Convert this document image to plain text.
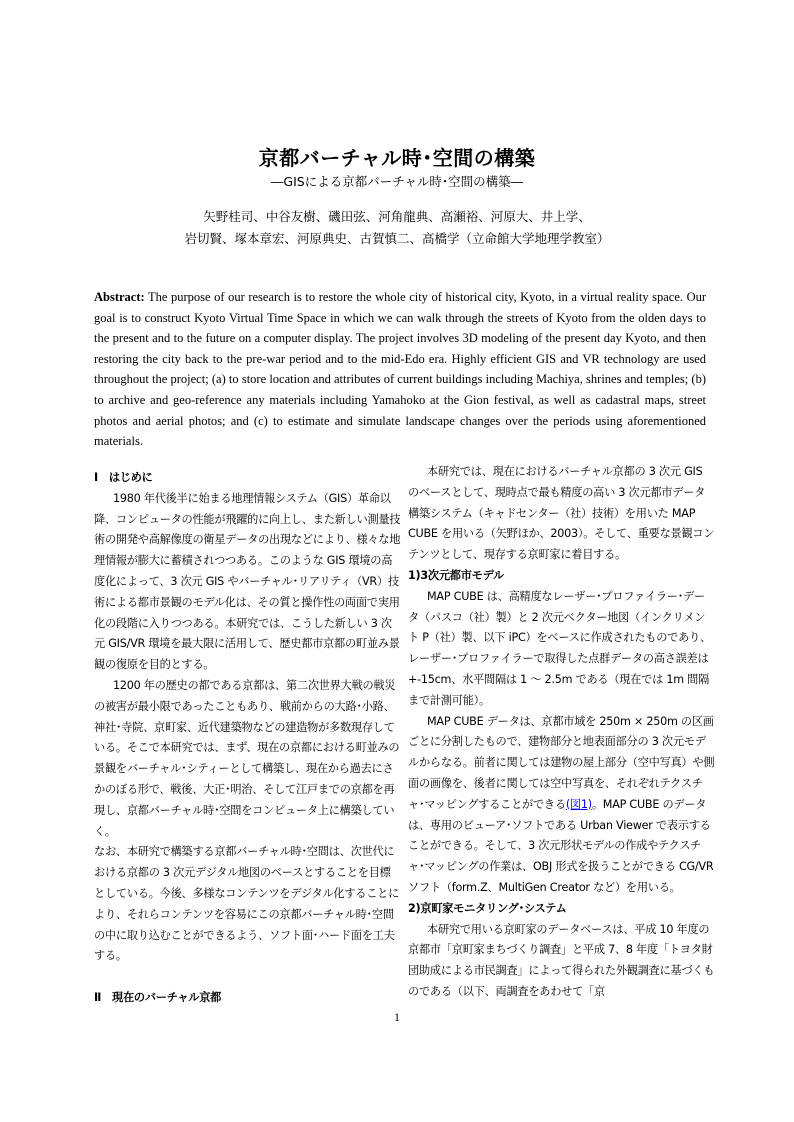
京都バーチャル時･空間の構築
―GISによる京都バーチャル時･空間の構築―
矢野桂司、中谷友樹、磯田弦、河角龍典、高瀬裕、河原大、井上学、
岩切賢、塚本章宏、河原典史、古賀慎二、高橋学（立命館大学地理学教室）
Abstract: The purpose of our research is to restore the whole city of historical city, Kyoto, in a virtual reality space. Our goal is to construct Kyoto Virtual Time Space in which we can walk through the streets of Kyoto from the olden days to the present and to the future on a computer display. The project involves 3D modeling of the present day Kyoto, and then restoring the city back to the pre-war period and to the mid-Edo era. Highly efficient GIS and VR technology are used throughout the project; (a) to store location and attributes of current buildings including Machiya, shrines and temples; (b) to archive and geo-reference any materials including Yamahoko at the Gion festival, as well as cadastral maps, street photos and aerial photos; and (c) to estimate and simulate landscape changes over the periods using aforementioned materials.

Ⅰ　はじめに

1980 年代後半に始まる地理情報システム（GIS）革命以降、コンピュータの性能が飛躍的に向上し、また新しい測量技術の開発や高解像度の衛星データの出現などにより、様々な地理情報が膨大に蓄積されつつある。このような GIS 環境の高度化によって、3 次元 GIS やバーチャル･リアリティ（VR）技術による都市景観のモデル化は、その質と操作性の両面で実用化の段階に入りつつある。本研究では、こうした新しい 3 次元 GIS/VR 環境を最大限に活用して、歴史都市京都の町並み景観の復原を目的とする。

1200 年の歴史の都である京都は、第二次世界大戦の戦災の被害が最小限であったこともあり、戦前からの大路･小路、神社･寺院、京町家、近代建築物などの建造物が多数現存している。そこで本研究では、まず、現在の京都における町並みの景観をバーチャル･シティーとして構築し、現在から過去にさかのぼる形で、戦後、大正･明治、そして江戸までの京都を再現し、京都バーチャル時･空間をコンピュータ上に構築していく。

なお、本研究で構築する京都バーチャル時･空間は、次世代における京都の 3 次元デジタル地図のベースとすることを目標としている。今後、多様なコンテンツをデジタル化することにより、それらコンテンツを容易にこの京都バーチャル時･空間の中に取り込むことができるよう、ソフト面･ハード面を工夫する。

Ⅱ　現在のバーチャル京都

本研究では、現在におけるバーチャル京都の 3 次元 GIS のベースとして、現時点で最も精度の高い 3 次元都市データ構築システム（キャドセンター（社）技術）を用いた MAP CUBE を用いる（矢野ほか、2003）。そして、重要な景観コンテンツとして、現存する京町家に着目する。

1)3次元都市モデル

MAP CUBE は、高精度なレーザー･プロファイラー･データ（パスコ（社）製）と 2 次元ベクター地図（インクリメント P（社）製、以下 iPC）をベースに作成されたものであり、レーザー･プロファイラーで取得した点群データの高さ誤差は+-15cm、水平間隔は 1 ～ 2.5m である（現在では 1m 間隔まで計測可能）。

MAP CUBE データは、京都市域を 250m × 250m の区画ごとに分割したもので、建物部分と地表面部分の 3 次元モデルからなる。前者に関しては建物の屋上部分（空中写真）や側面の画像を、後者に関しては空中写真を、それぞれテクスチャ･マッピングすることができる(図1)。MAP CUBE のデータは、専用のビューア･ソフトである Urban Viewer で表示することができる。そして、3 次元形状モデルの作成やテクスチャ･マッピングの作業は、OBJ 形式を扱うことができる CG/VR ソフト（form.Z、MultiGen Creator など）を用いる。

2)京町家モニタリング･システム

本研究で用いる京町家のデータベースは、平成 10 年度の京都市「京町家まちづくり調査」と平成 7、8 年度「トヨタ財団助成による市民調査」によって得られた外観調査に基づくものである（以下、両調査をあわせて「京

1
